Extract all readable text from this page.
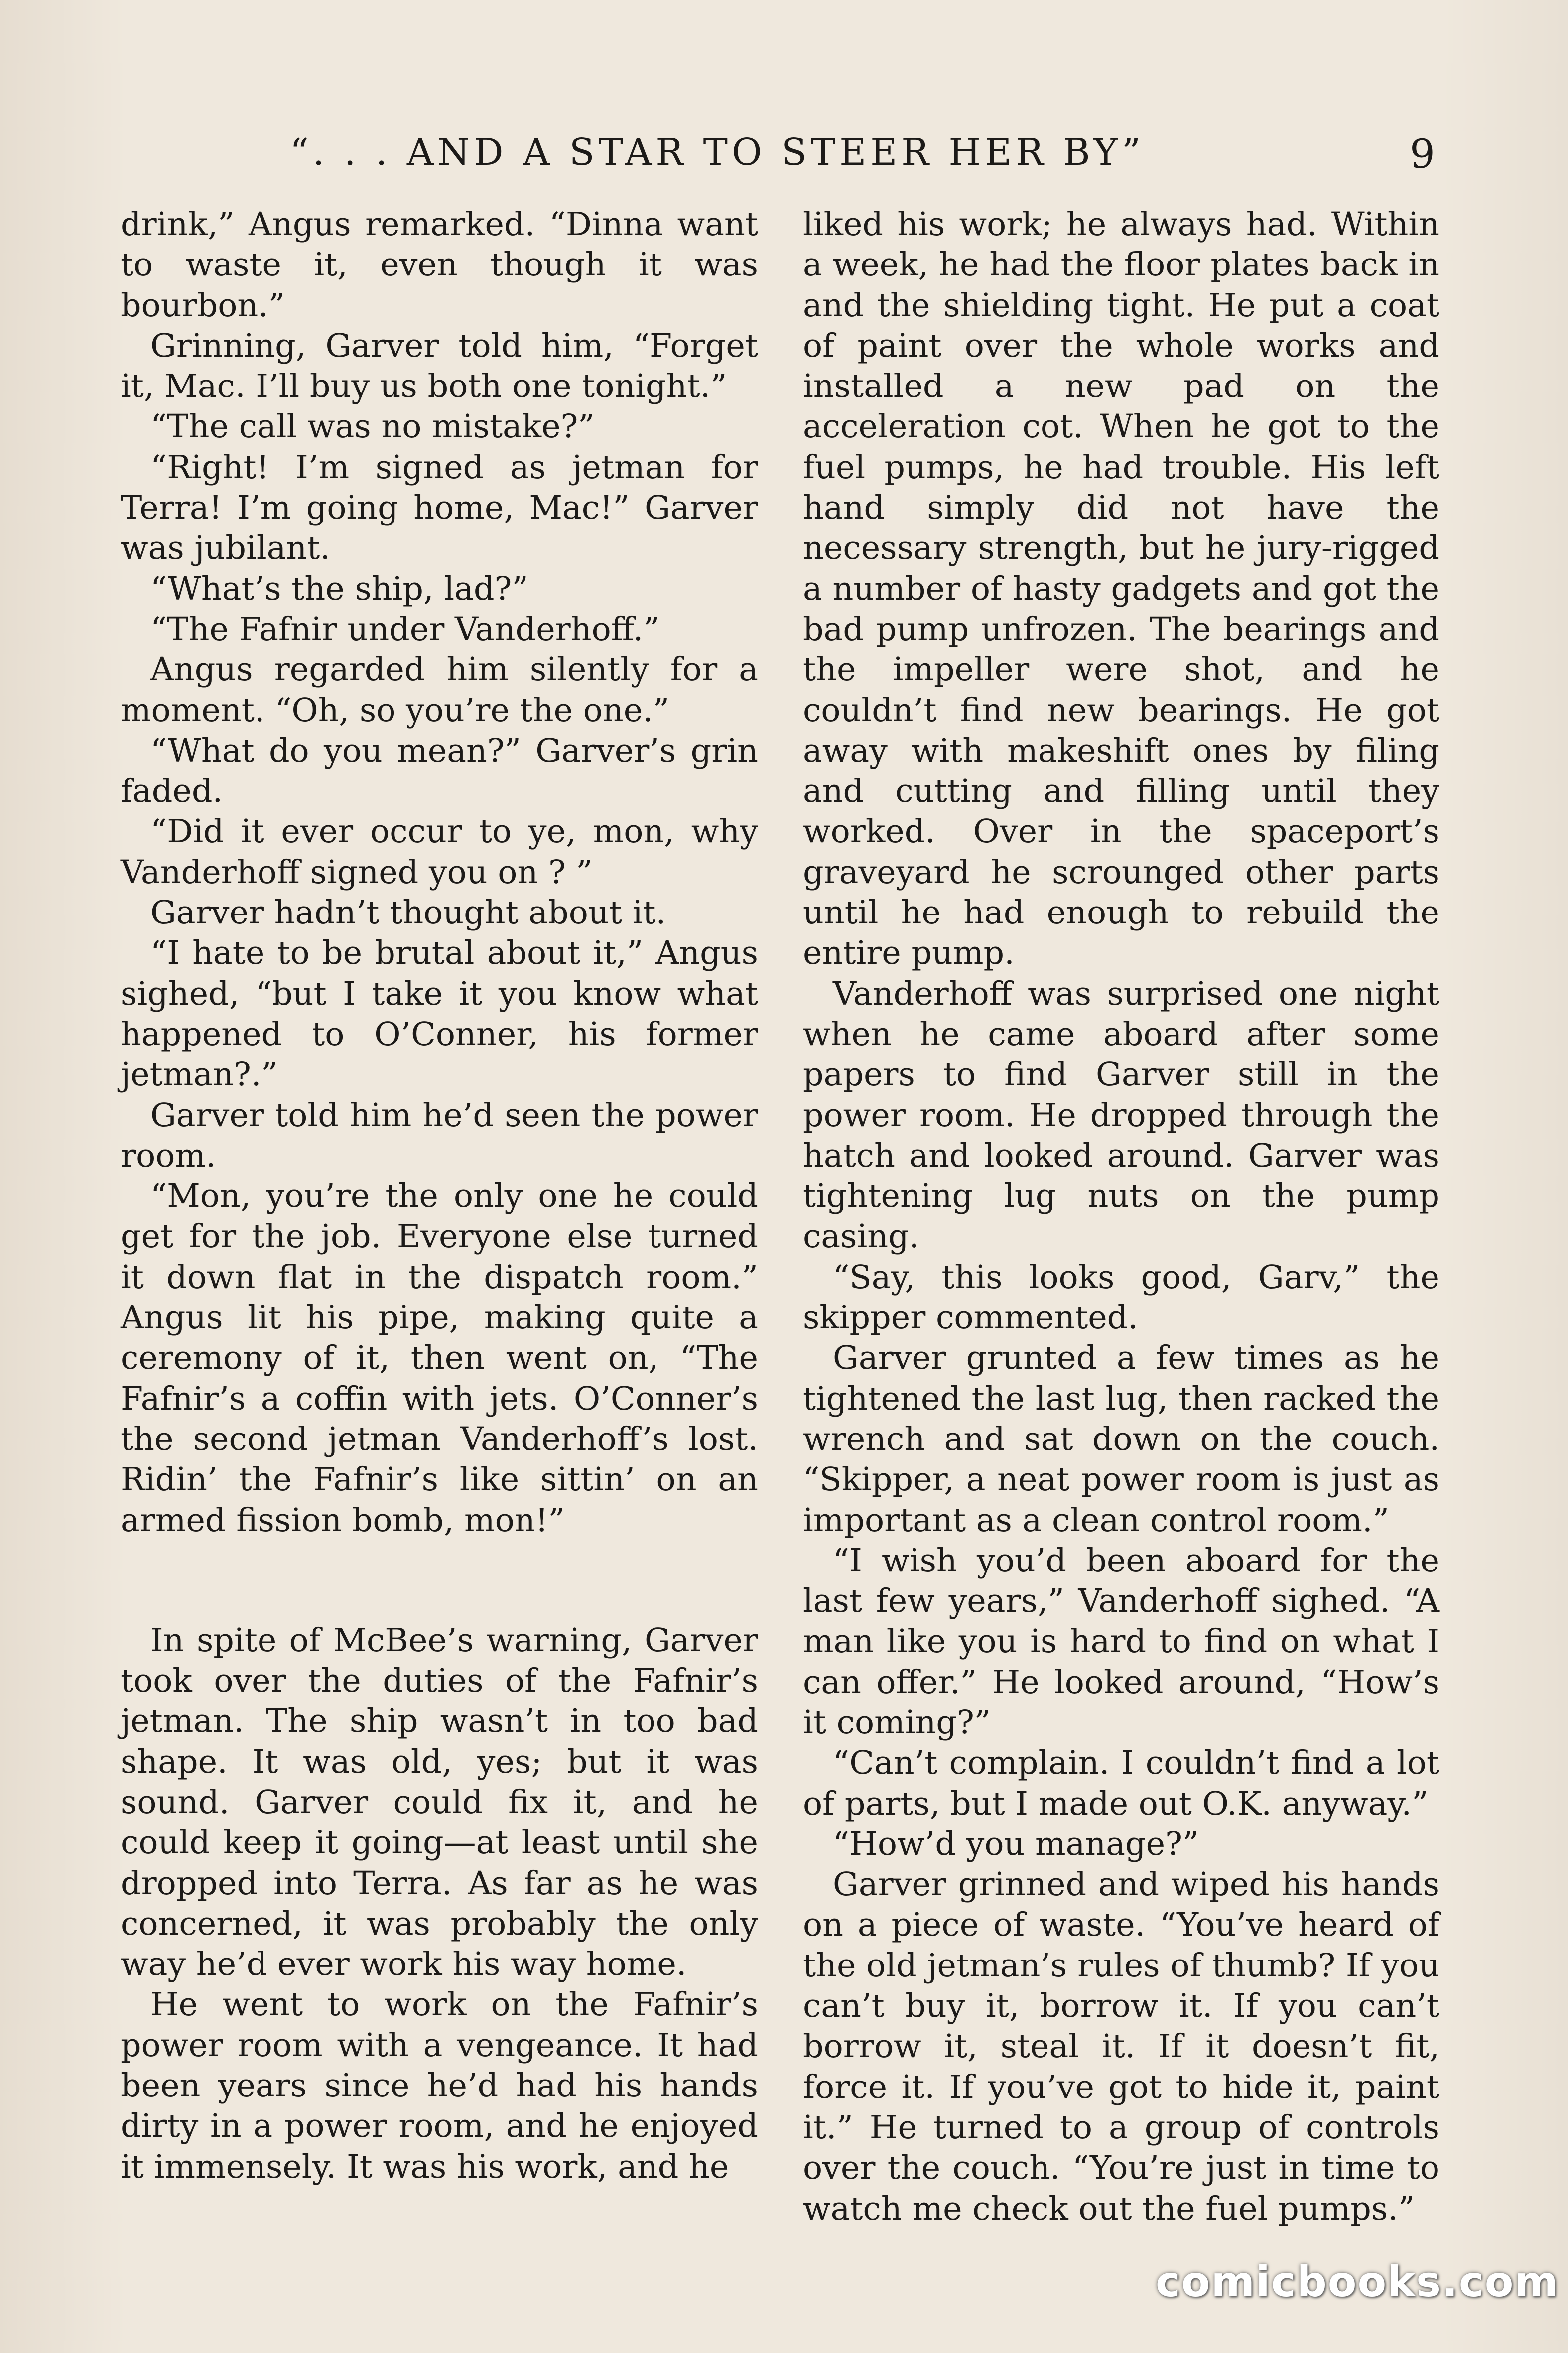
“. . . AND A STAR TO STEER HER BY”	9

drink,” Angus remarked. “Dinna want to waste it, even though it was bourbon.”

Grinning, Garver told him, “Forget it, Mac. I’ll buy us both one tonight.”

“The call was no mistake?”

“Right! I’m signed as jetman for Terra! I’m going home, Mac!” Garver was jubilant.

“What’s the ship, lad?”

“The Fafnir under Vanderhoff.”

Angus regarded him silently for a moment. “Oh, so you’re the one.”

“What do you mean?” Garver’s grin faded.

“Did it ever occur to ye, mon, why Vanderhoff signed you on ? ”

Garver hadn’t thought about it.

“I hate to be brutal about it,” Angus sighed, “but I take it you know what happened to O’Conner, his former jetman?.”

Garver told him he’d seen the power room.

“Mon, you’re the only one he could get for the job. Everyone else turned it down flat in the dispatch room.” Angus lit his pipe, making quite a ceremony of it, then went on, “The Fafnir’s a coffin with jets. O’Conner’s the second jetman Vanderhoff’s lost. Ridin’ the Fafnir’s like sittin’ on an armed fission bomb, mon!”

In spite of McBee’s warning, Garver took over the duties of the Fafnir’s jetman. The ship wasn’t in too bad shape. It was old, yes; but it was sound. Garver could fix it, and he could keep it going—at least until she dropped into Terra. As far as he was concerned, it was probably the only way he’d ever work his way home.

He went to work on the Fafnir’s power room with a vengeance. It had been years since he’d had his hands dirty in a power room, and he enjoyed it immensely. It was his work, and he

liked his work; he always had. Within a week, he had the floor plates back in and the shielding tight. He put a coat of paint over the whole works and installed a new pad on the acceleration cot. When he got to the fuel pumps, he had trouble. His left hand simply did not have the necessary strength, but he jury-rigged a number of hasty gadgets and got the bad pump unfrozen. The bearings and the impeller were shot, and he couldn’t find new bearings. He got away with makeshift ones by filing and cutting and filling until they worked. Over in the spaceport’s graveyard he scrounged other parts until he had enough to rebuild the entire pump.

Vanderhoff was surprised one night when he came aboard after some papers to find Garver still in the power room. He dropped through the hatch and looked around. Garver was tightening lug nuts on the pump casing.

“Say, this looks good, Garv,” the skipper commented.

Garver grunted a few times as he tightened the last lug, then racked the wrench and sat down on the couch. “Skipper, a neat power room is just as important as a clean control room.”

“I wish you’d been aboard for the last few years,” Vanderhoff sighed. “A man like you is hard to find on what I can offer.” He looked around, “How’s it coming?”

“Can’t complain. I couldn’t find a lot of parts, but I made out O.K. anyway.”

“How’d you manage?”

Garver grinned and wiped his hands on a piece of waste. “You’ve heard of the old jetman’s rules of thumb? If you can’t buy it, borrow it. If you can’t borrow it, steal it. If it doesn’t fit, force it. If you’ve got to hide it, paint it.” He turned to a group of controls over the couch. “You’re just in time to watch me check out the fuel pumps.”

comicbooks.com
